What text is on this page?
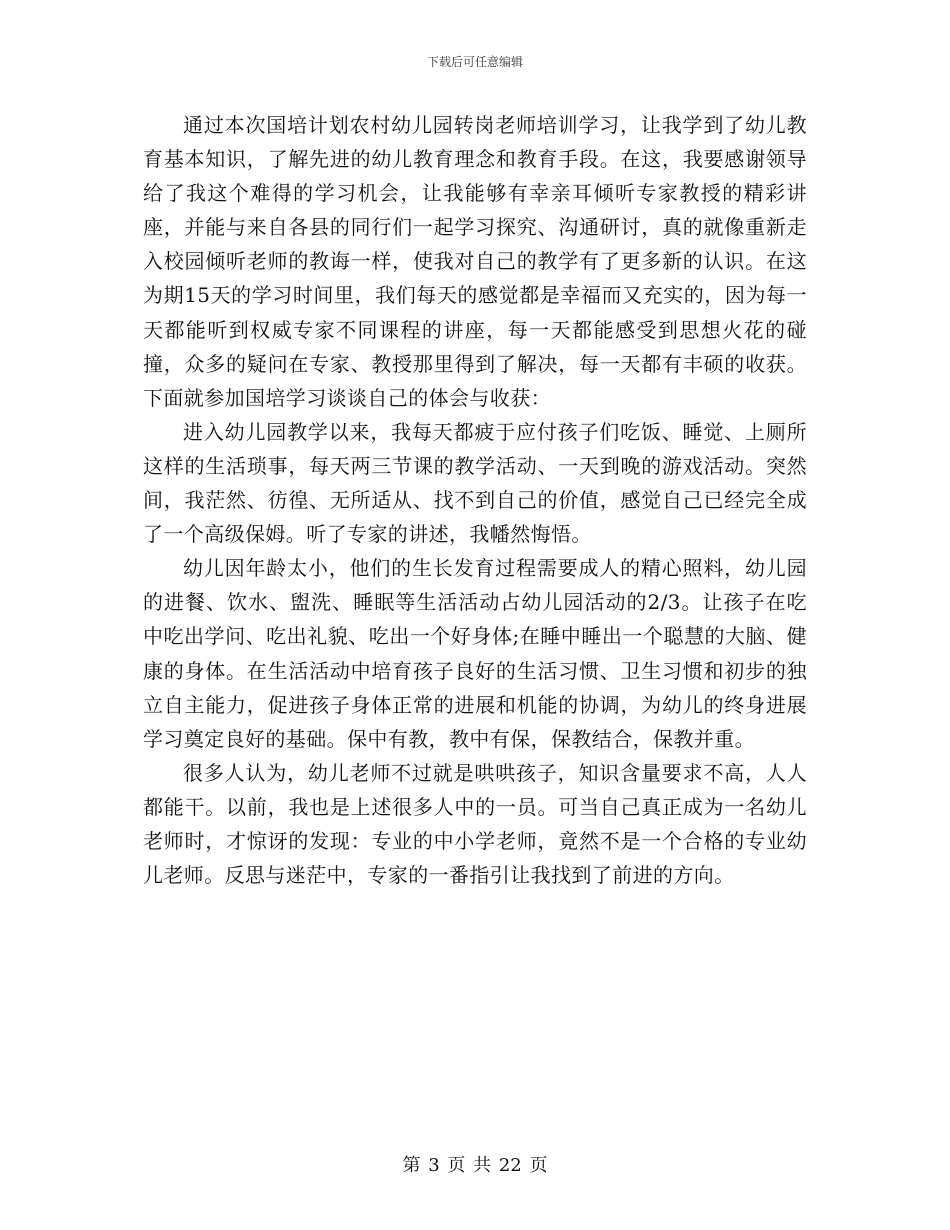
下载后可任意编辑

通过本次国培计划农村幼儿园转岗老师培训学习，让我学到了幼儿教育基本知识，了解先进的幼儿教育理念和教育手段。在这，我要感谢领导给了我这个难得的学习机会，让我能够有幸亲耳倾听专家教授的精彩讲座，并能与来自各县的同行们一起学习探究、沟通研讨，真的就像重新走入校园倾听老师的教诲一样，使我对自己的教学有了更多新的认识。在这为期15天的学习时间里，我们每天的感觉都是幸福而又充实的，因为每一天都能听到权威专家不同课程的讲座，每一天都能感受到思想火花的碰撞，众多的疑问在专家、教授那里得到了解决，每一天都有丰硕的收获。下面就参加国培学习谈谈自己的体会与收获：

进入幼儿园教学以来，我每天都疲于应付孩子们吃饭、睡觉、上厕所这样的生活琐事，每天两三节课的教学活动、一天到晚的游戏活动。突然间，我茫然、彷徨、无所适从、找不到自己的价值，感觉自己已经完全成了一个高级保姆。听了专家的讲述，我幡然悔悟。

幼儿因年龄太小，他们的生长发育过程需要成人的精心照料，幼儿园的进餐、饮水、盥洗、睡眠等生活活动占幼儿园活动的2/3。让孩子在吃中吃出学问、吃出礼貌、吃出一个好身体;在睡中睡出一个聪慧的大脑、健康的身体。在生活活动中培育孩子良好的生活习惯、卫生习惯和初步的独立自主能力，促进孩子身体正常的进展和机能的协调，为幼儿的终身进展学习奠定良好的基础。保中有教，教中有保，保教结合，保教并重。

很多人认为，幼儿老师不过就是哄哄孩子，知识含量要求不高，人人都能干。以前，我也是上述很多人中的一员。可当自己真正成为一名幼儿老师时，才惊讶的发现：专业的中小学老师，竟然不是一个合格的专业幼儿老师。反思与迷茫中，专家的一番指引让我找到了前进的方向。

第 3 页 共 22 页
